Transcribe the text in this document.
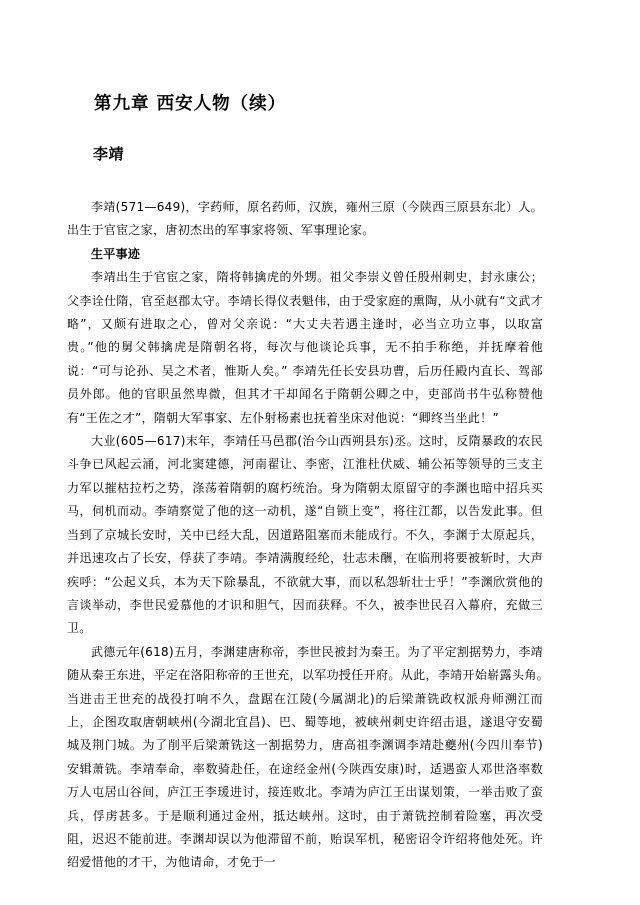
第九章 西安人物（续）
李靖

李靖(571—649)，字药师，原名药师，汉族，雍州三原（今陕西三原县东北）人。出生于官宦之家，唐初杰出的军事家将领、军事理论家。

生平事迹

李靖出生于官宦之家，隋将韩擒虎的外甥。祖父李崇义曾任殷州刺史，封永康公；父李诠仕隋，官至赵郡太守。李靖长得仪表魁伟，由于受家庭的熏陶，从小就有“文武才略”，又颇有进取之心，曾对父亲说：“大丈夫若遇主逢时，必当立功立事，以取富贵。”他的舅父韩擒虎是隋朝名将，每次与他谈论兵事，无不拍手称绝，并抚摩着他说：“可与论孙、吴之术者，惟斯人矣。” 李靖先任长安县功曹，后历任殿内直长、驾部员外郎。他的官职虽然卑微，但其才干却闻名于隋朝公卿之中，吏部尚书牛弘称赞他有“王佐之才”，隋朝大军事家、左仆射杨素也抚着坐床对他说：“卿终当坐此！”

大业(605—617)末年，李靖任马邑郡(治今山西朔县东)丞。这时，反隋暴政的农民斗争已风起云涌，河北窦建德，河南翟让、李密，江淮杜伏威、辅公祏等领导的三支主力军以摧枯拉朽之势，涤荡着隋朝的腐朽统治。身为隋朝太原留守的李渊也暗中招兵买马，伺机而动。李靖察觉了他的这一动机，遂“自锁上变”，将往江都，以告发此事。但当到了京城长安时，关中已经大乱，因道路阻塞而未能成行。不久，李渊于太原起兵，并迅速攻占了长安，俘获了李靖。李靖满腹经纶，壮志未酬，在临刑将要被斩时，大声疾呼：“公起义兵，本为天下除暴乱，不欲就大事，而以私怨斩壮士乎！”李渊欣赏他的言谈举动，李世民爱慕他的才识和胆气，因而获释。不久，被李世民召入幕府，充做三卫。

武德元年(618)五月，李渊建唐称帝，李世民被封为秦王。为了平定割据势力，李靖随从秦王东进，平定在洛阳称帝的王世充，以军功授任开府。从此，李靖开始崭露头角。　当进击王世充的战役打响不久，盘踞在江陵(今属湖北)的后梁萧铣政权派舟师溯江而上，企图攻取唐朝峡州(今湖北宜昌)、巴、蜀等地，被峡州刺史许绍击退，遂退守安蜀城及荆门城。为了削平后梁萧铣这一割据势力，唐高祖李渊调李靖赴夔州(今四川奉节)安辑萧铣。李靖奉命，率数骑赴任，在途经金州(今陕西安康)时，适遇蛮人邓世洛率数万人屯居山谷间，庐江王李瑗进讨，接连败北。李靖为庐江王出谋划策，一举击败了蛮兵，俘虏甚多。于是顺利通过金州，抵达峡州。这时，由于萧铣控制着险塞，再次受阻，迟迟不能前进。李渊却误以为他滞留不前，贻误军机，秘密诏令许绍将他处死。许绍爱惜他的才干，为他请命，才免于一
